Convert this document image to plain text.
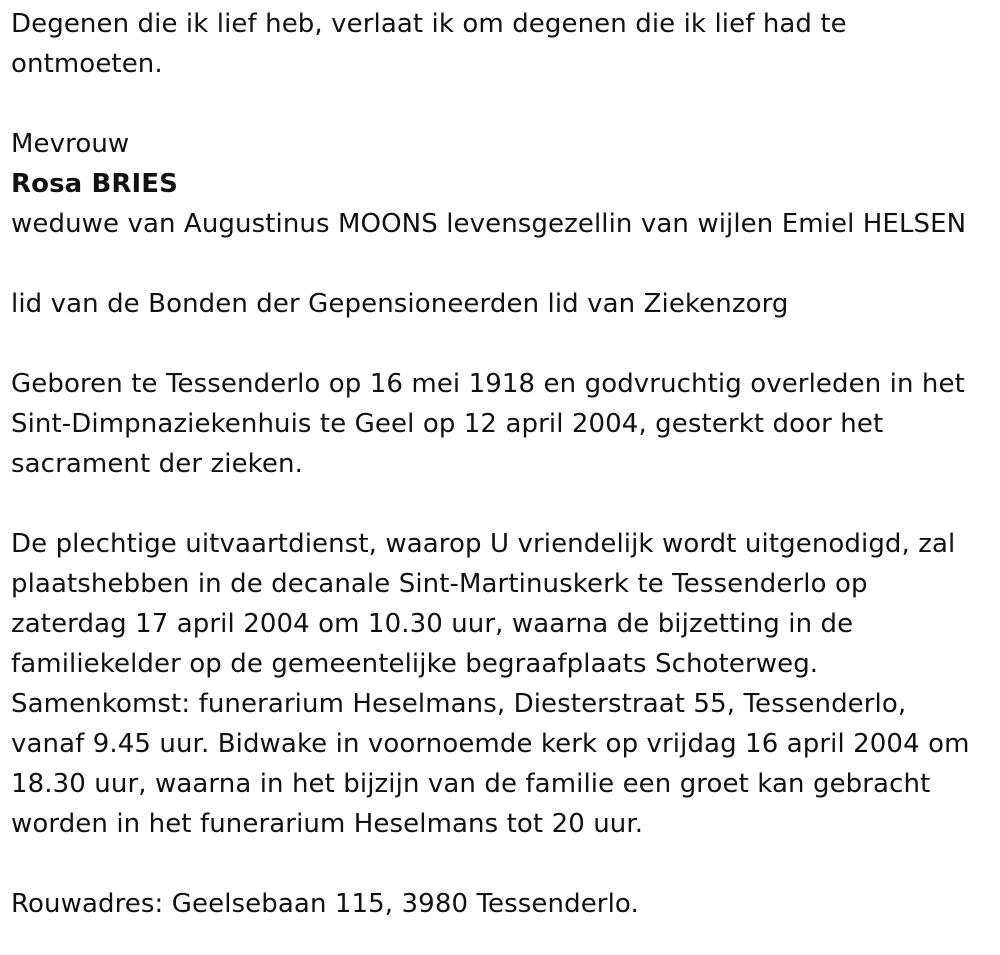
Degenen die ik lief heb, verlaat ik om degenen die ik lief had te

ontmoeten.

Mevrouw

Rosa BRIES

weduwe van Augustinus MOONS levensgezellin van wijlen Emiel HELSEN

lid van de Bonden der Gepensioneerden lid van Ziekenzorg

Geboren te Tessenderlo op 16 mei 1918 en godvruchtig overleden in het

Sint-Dimpnaziekenhuis te Geel op 12 april 2004, gesterkt door het

sacrament der zieken.

De plechtige uitvaartdienst, waarop U vriendelijk wordt uitgenodigd, zal

plaatshebben in de decanale Sint-Martinuskerk te Tessenderlo op

zaterdag 17 april 2004 om 10.30 uur, waarna de bijzetting in de

familiekelder op de gemeentelijke begraafplaats Schoterweg.

Samenkomst: funerarium Heselmans, Diesterstraat 55, Tessenderlo,

vanaf 9.45 uur. Bidwake in voornoemde kerk op vrijdag 16 april 2004 om

18.30 uur, waarna in het bijzijn van de familie een groet kan gebracht

worden in het funerarium Heselmans tot 20 uur.

Rouwadres: Geelsebaan 115, 3980 Tessenderlo.
